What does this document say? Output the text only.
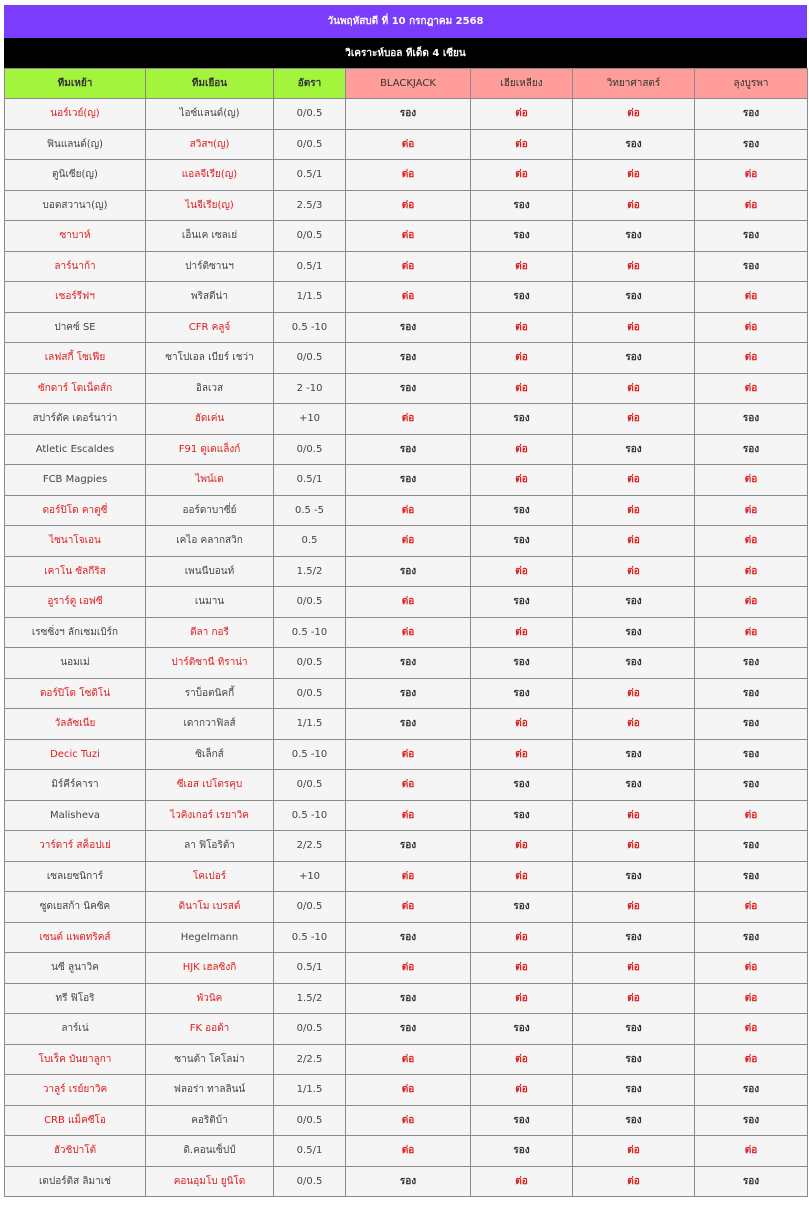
วันพฤหัสบดี ที่ 10 กรกฎาคม 2568
วิเคราะห์บอล ทีเด็ด 4 เซียน
ทีมเหย้า	ทีมเยือน	อัตรา	BLACKJACK	เฮียเหลียง	วิทยาศาสตร์	ลุงบูรพา
นอร์เวย์(ญ)	ไอซ์แลนด์(ญ)	0/0.5	รอง	ต่อ	ต่อ	รอง
ฟินแลนด์(ญ)	สวิสฯ(ญ)	0/0.5	ต่อ	ต่อ	รอง	รอง
ตูนิเซีย(ญ)	แอลจีเรีย(ญ)	0.5/1	ต่อ	ต่อ	ต่อ	ต่อ
บอตสวานา(ญ)	ไนจีเรีย(ญ)	2.5/3	ต่อ	รอง	ต่อ	ต่อ
ซาบาห์	เอ็นเค เซลเย่	0/0.5	ต่อ	รอง	รอง	รอง
ลาร์นาก้า	ปาร์ติซานฯ	0.5/1	ต่อ	ต่อ	ต่อ	รอง
เชอร์รีฟฯ	พริสตีน่า	1/1.5	ต่อ	รอง	รอง	ต่อ
ปาคซ์ SE	CFR คลูจ์	0.5 -10	รอง	ต่อ	ต่อ	ต่อ
เลฟสกี้ โซเฟีย	ซาโปเอล เบียร์ เชว่า	0/0.5	รอง	ต่อ	รอง	ต่อ
ซักดาร์ โดเน็ตส์ก	อิลเวส	2 -10	รอง	ต่อ	ต่อ	ต่อ
สปาร์ตัค เดอร์นาว่า	ฮัดเค่น	+10	ต่อ	รอง	ต่อ	รอง
Atletic Escaldes	F91 ดูเดแล็งก์	0/0.5	รอง	ต่อ	รอง	รอง
FCB Magpies	ไพน์เด	0.5/1	รอง	ต่อ	ต่อ	ต่อ
ดอร์ปิโด คาตูซี่	ออร์ดาบาซี่ย์	0.5 -5	ต่อ	รอง	ต่อ	ต่อ
ไซนาโจเอน	เคไอ คลากสวิก	0.5	ต่อ	รอง	ต่อ	ต่อ
เคาโน ซัลกีริส	เพนนีบอนท์	1.5/2	รอง	ต่อ	ต่อ	ต่อ
อูราร์ตู เอฟซี	เนมาน	0/0.5	ต่อ	รอง	รอง	ต่อ
เรซซิ่งฯ ลักเซมเบิร์ก	ดีลา กอรี	0.5 -10	ต่อ	ต่อ	รอง	ต่อ
นอมเม่	ปาร์ติซานี ทิราน่า	0/0.5	รอง	รอง	รอง	รอง
ดอร์ปิโด โซดิโน่	ราบ็อตนิคกี้	0/0.5	รอง	รอง	ต่อ	รอง
วัลลัซเนีย	เดากวาฟิลส์	1/1.5	รอง	ต่อ	ต่อ	รอง
Decic Tuzi	ซิเล็กส์	0.5 -10	ต่อ	ต่อ	รอง	รอง
มิร์คีร์คารา	ซีเอส เปโตรคุบ	0/0.5	ต่อ	รอง	รอง	รอง
Malisheva	ไวคิงเกอร์ เรยาวิค	0.5 -10	ต่อ	รอง	ต่อ	ต่อ
วาร์ดาร์ สค็อปเย่	ลา ฟิโอริต้า	2/2.5	รอง	ต่อ	ต่อ	รอง
เซลเยซนิการ์	โคเปอร์	+10	ต่อ	ต่อ	รอง	รอง
ซูดเยสก้า นิคซิค	ดินาโม เบรสต์	0/0.5	ต่อ	รอง	ต่อ	ต่อ
เซนต์ แพตทริคส์	Hegelmann	0.5 -10	รอง	ต่อ	รอง	รอง
นซี ลูนาวิค	HJK เฮลซิงกิ	0.5/1	ต่อ	ต่อ	ต่อ	ต่อ
ทรี ฟิโอริ	พัวนิค	1.5/2	รอง	ต่อ	ต่อ	ต่อ
ลาร์เน่	FK ออด้า	0/0.5	รอง	รอง	รอง	ต่อ
โบเร็ค บันยาลูกา	ซานต้า โคโลม่า	2/2.5	ต่อ	ต่อ	รอง	ต่อ
วาลูร์ เรย์ยาวิค	ฟลอร่า ทาลลินน์	1/1.5	ต่อ	ต่อ	รอง	รอง
CRB แม็คซีโอ	คอริติบ้า	0/0.5	ต่อ	รอง	รอง	รอง
ฮัวชิปาโต้	ดิ.คอนเซ็ปป์	0.5/1	ต่อ	รอง	ต่อ	ต่อ
เดปอร์ติส ลิมาเช่	คอนอุมโบ ยูนิโด	0/0.5	รอง	ต่อ	ต่อ	รอง
